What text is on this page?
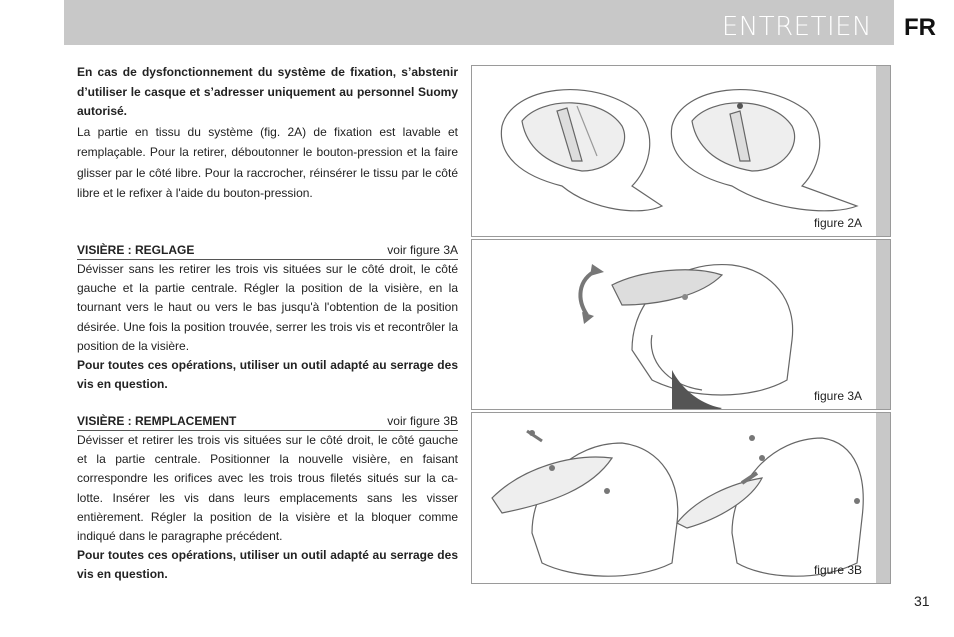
ENTRETIEN FR

En cas de dysfonctionnement du système de fixation, s’abstenir d’utiliser le casque et s’adresser uniquement au personnel Suomy autorisé.

La partie en tissu du système (fig. 2A) de fixation est lavable et remplaçable. Pour la retirer, déboutonner le bouton-pression et la faire glisser par le côté libre. Pour la raccrocher, réinsérer le tissu par le côté libre et le refixer à l'aide du bouton-pression.

VISIÈRE : REGLAGE	voir figure 3A

Dévisser sans les retirer les trois vis situées sur le côté droit, le côté gauche et la partie centrale. Régler la position de la visière, en la tournant vers le haut ou vers le bas jusqu'à l'obtention de la position désirée. Une fois la position trouvée, serrer les trois vis et recontrôler la position de la visière.

Pour toutes ces opérations, utiliser un outil adapté au serrage des vis en question.

VISIÈRE : REMPLACEMENT	voir figure 3B

Dévisser et retirer les trois vis situées sur le côté droit, le côté gauche et la partie centrale. Positionner la nouvelle visière, en faisant correspondre les orifices avec les trois trous filetés situés sur la ca- lotte. Insérer les vis dans leurs emplacements sans les visser entièrement. Régler la position de la visière et la bloquer comme indiqué dans le paragraphe précédent.

Pour toutes ces opérations, utiliser un outil adapté au serrage des vis en question.

figure 2A
figure 3A
figure 3B
31
